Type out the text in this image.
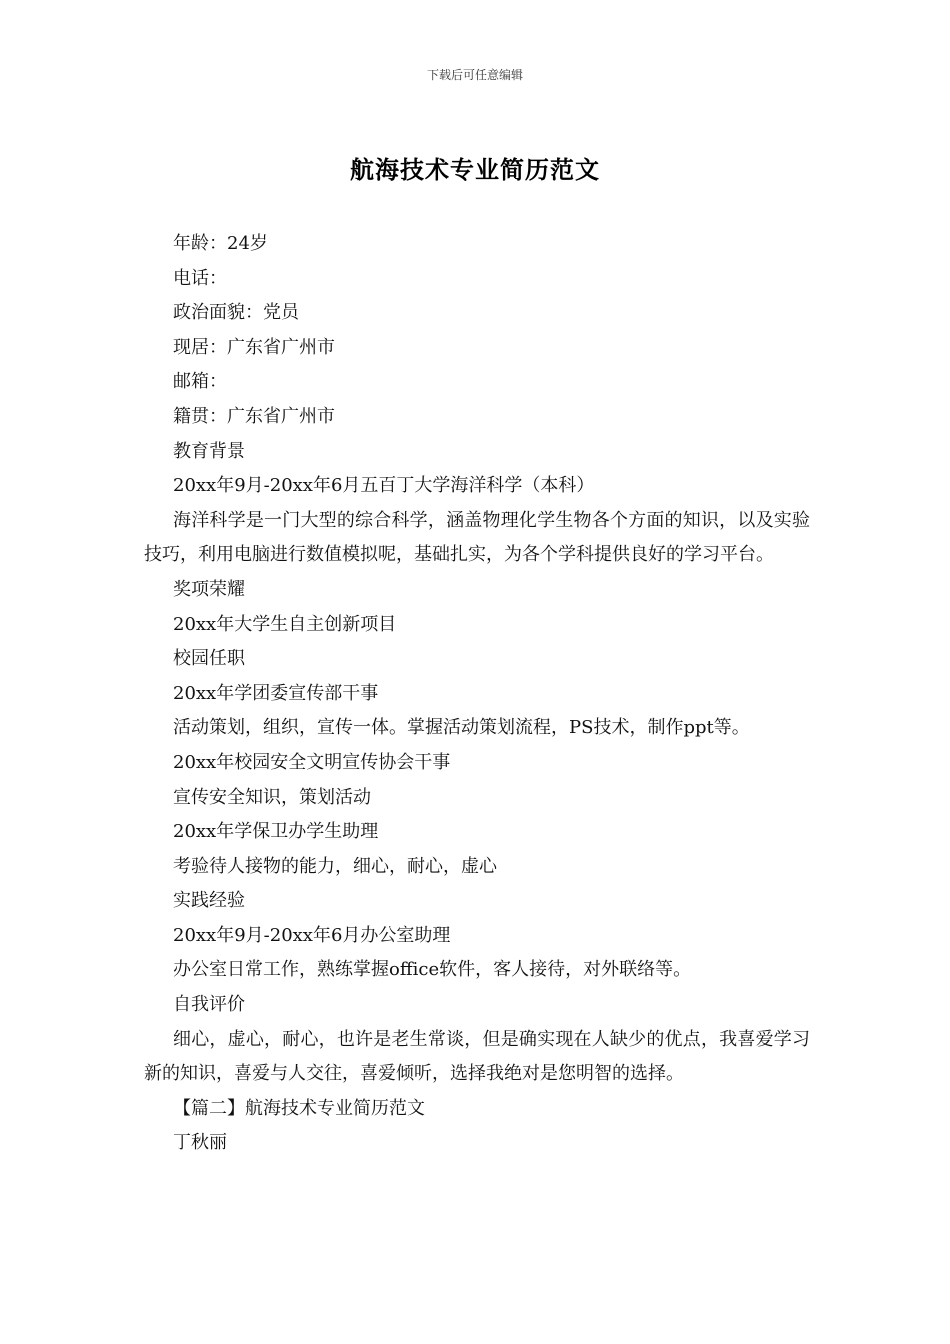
下载后可任意编辑
航海技术专业简历范文

年龄：24岁

电话：

政治面貌：党员

现居：广东省广州市

邮箱：

籍贯：广东省广州市

教育背景

20xx年9月-20xx年6月五百丁大学海洋科学（本科）

海洋科学是一门大型的综合科学，涵盖物理化学生物各个方面的知识，以及实验技巧，利用电脑进行数值模拟呢，基础扎实，为各个学科提供良好的学习平台。

奖项荣耀

20xx年大学生自主创新项目

校园任职

20xx年学团委宣传部干事

活动策划，组织，宣传一体。掌握活动策划流程，PS技术，制作ppt等。

20xx年校园安全文明宣传协会干事

宣传安全知识，策划活动

20xx年学保卫办学生助理

考验待人接物的能力，细心，耐心，虚心

实践经验

20xx年9月-20xx年6月办公室助理

办公室日常工作，熟练掌握office软件，客人接待，对外联络等。

自我评价

细心，虚心，耐心，也许是老生常谈，但是确实现在人缺少的优点，我喜爱学习新的知识，喜爱与人交往，喜爱倾听，选择我绝对是您明智的选择。

【篇二】航海技术专业简历范文

丁秋丽
